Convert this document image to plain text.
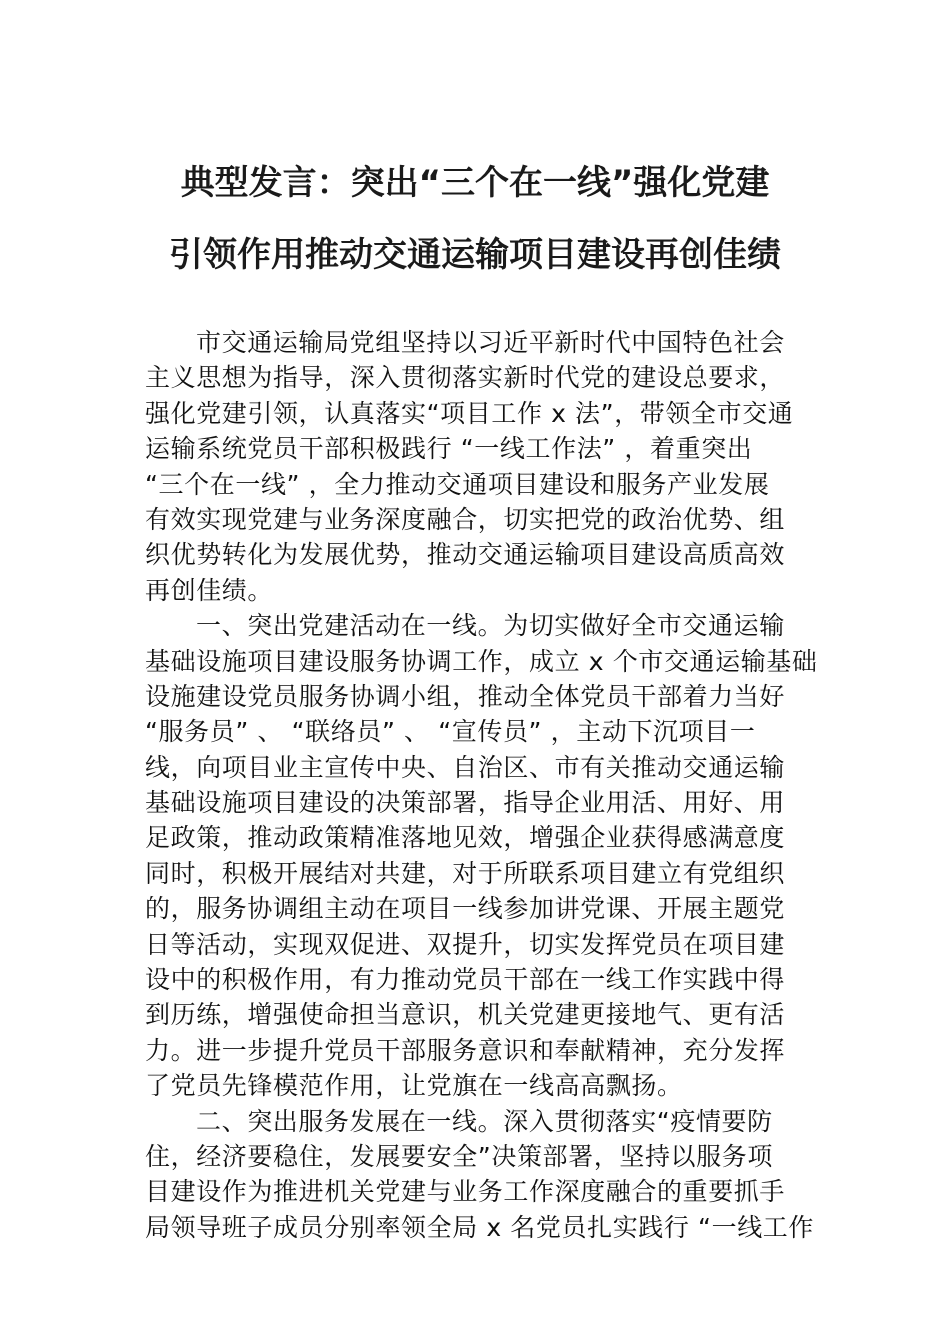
典型发言：突出“三个在一线”强化党建

引领作用推动交通运输项目建设再创佳绩

市交通运输局党组坚持以习近平新时代中国特色社会

主义思想为指导，深入贯彻落实新时代党的建设总要求，

强化党建引领，认真落实“项目工作 x 法”，带领全市交通

运输系统党员干部积极践行 “一线工作法” ，着重突出

“三个在一线” ，全力推动交通项目建设和服务产业发展

有效实现党建与业务深度融合，切实把党的政治优势、组

织优势转化为发展优势，推动交通运输项目建设高质高效

再创佳绩。

一、突出党建活动在一线。为切实做好全市交通运输

基础设施项目建设服务协调工作，成立 x 个市交通运输基础

设施建设党员服务协调小组，推动全体党员干部着力当好

“服务员” 、 “联络员” 、 “宣传员” ，主动下沉项目一

线，向项目业主宣传中央、自治区、市有关推动交通运输

基础设施项目建设的决策部署，指导企业用活、用好、用

足政策，推动政策精准落地见效，增强企业获得感满意度

同时，积极开展结对共建，对于所联系项目建立有党组织

的，服务协调组主动在项目一线参加讲党课、开展主题党

日等活动，实现双促进、双提升，切实发挥党员在项目建

设中的积极作用，有力推动党员干部在一线工作实践中得

到历练，增强使命担当意识，机关党建更接地气、更有活

力。进一步提升党员干部服务意识和奉献精神，充分发挥

了党员先锋模范作用，让党旗在一线高高飘扬。

二、突出服务发展在一线。深入贯彻落实“疫情要防

住，经济要稳住，发展要安全”决策部署，坚持以服务项

目建设作为推进机关党建与业务工作深度融合的重要抓手

局领导班子成员分别率领全局 x 名党员扎实践行 “一线工作
